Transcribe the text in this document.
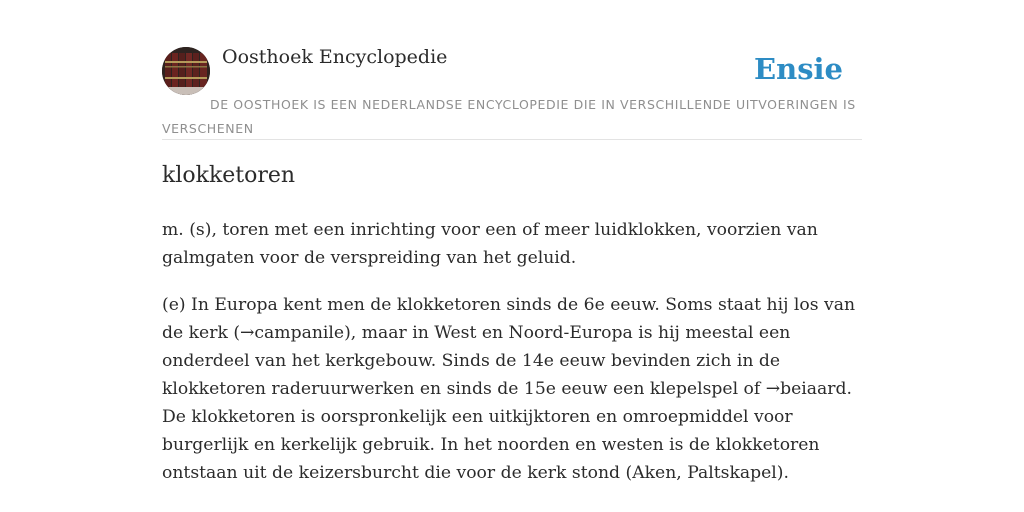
Oosthoek Encyclopedie	Ensie

DE OOSTHOEK IS EEN NEDERLANDSE ENCYCLOPEDIE DIE IN VERSCHILLENDE UITVOERINGEN IS VERSCHENEN

klokketoren

m. (s), toren met een inrichting voor een of meer luidklokken, voorzien van galmgaten voor de verspreiding van het geluid.

(e) In Europa kent men de klokketoren sinds de 6e eeuw. Soms staat hij los van de kerk (→campanile), maar in West en Noord-Europa is hij meestal een onderdeel van het kerkgebouw. Sinds de 14e eeuw bevinden zich in de klokketoren raderuurwerken en sinds de 15e eeuw een klepelspel of →beiaard. De klokketoren is oorspronkelijk een uitkijktoren en omroepmiddel voor burgerlijk en kerkelijk gebruik. In het noorden en westen is de klokketoren ontstaan uit de keizersburcht die voor de kerk stond (Aken, Paltskapel).
